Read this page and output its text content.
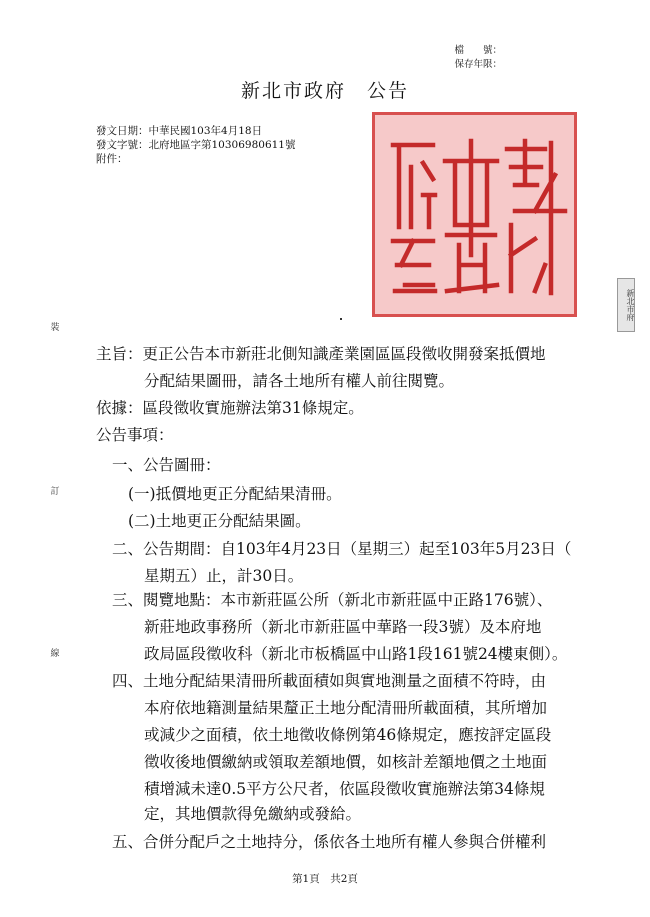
檔　　號：
保存年限：
新北市政府　公告
發文日期：中華民國103年4月18日
發文字號：北府地區字第10306980611號
附件：
新北市府
裝
訂
線
主旨：更正公告本市新莊北側知識產業園區區段徵收開發案抵價地
分配結果圖冊，請各土地所有權人前往閱覽。
依據：區段徵收實施辦法第31條規定。
公告事項：
一、公告圖冊：
(一)抵價地更正分配結果清冊。
(二)土地更正分配結果圖。
二、公告期間：自103年4月23日（星期三）起至103年5月23日（
星期五）止，計30日。
三、閱覽地點：本市新莊區公所（新北市新莊區中正路176號）、
新莊地政事務所（新北市新莊區中華路一段3號）及本府地
政局區段徵收科（新北市板橋區中山路1段161號24樓東側）。
四、土地分配結果清冊所載面積如與實地測量之面積不符時，由
本府依地籍測量結果釐正土地分配清冊所載面積，其所增加
或減少之面積，依土地徵收條例第46條規定，應按評定區段
徵收後地價繳納或領取差額地價，如核計差額地價之土地面
積增減未達0.5平方公尺者，依區段徵收實施辦法第34條規
定，其地價款得免繳納或發給。
五、合併分配戶之土地持分，係依各土地所有權人參與合併權利
第1頁　共2頁
